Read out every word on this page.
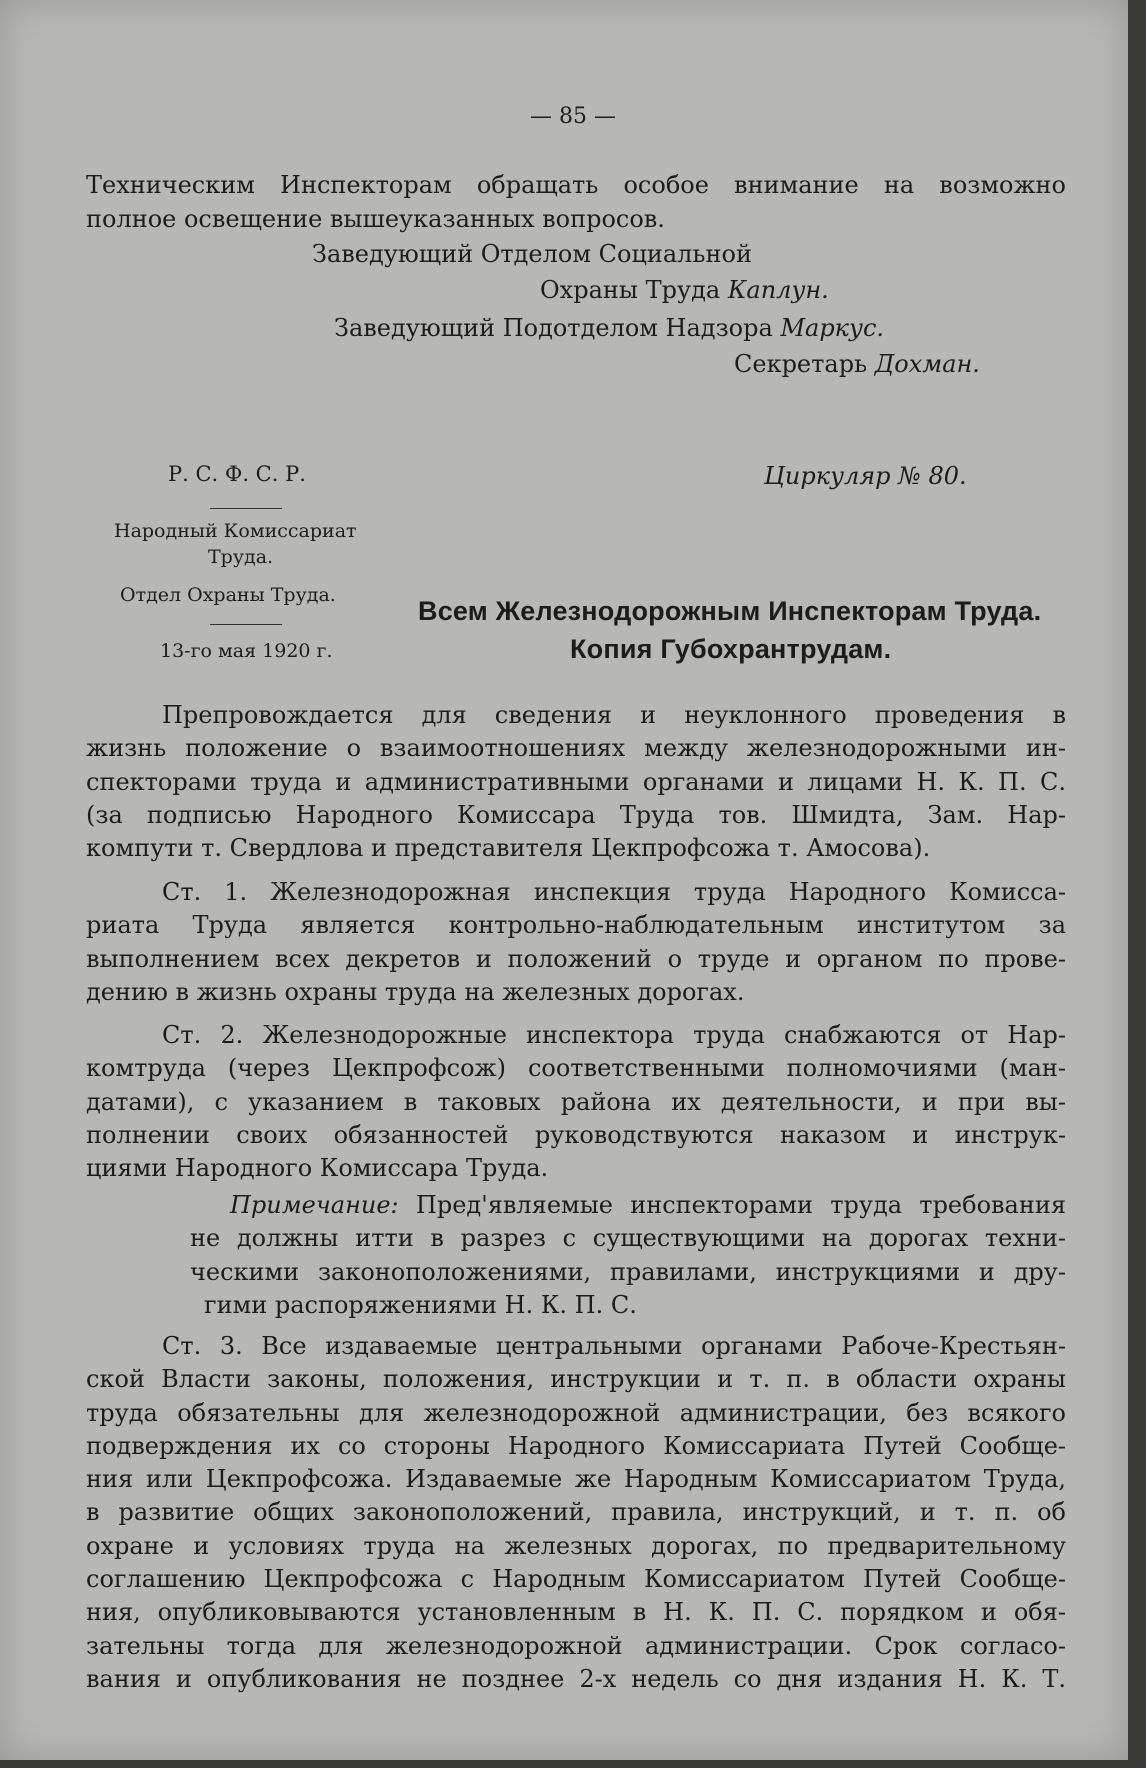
— 85 —
Техническим Инспекторам обращать особое внимание на возможно
полное освещение вышеуказанных вопросов.
Заведующий Отделом Социальной
Охраны Труда Каплун.
Заведующий Подотделом Надзора Маркус.
Секретарь Дохман.
Р. С. Ф. С. Р.
Народный Комиссариат
Труда.
Отдел Охраны Труда.
13-го мая 1920 г.
Циркуляр № 80.
Всем Железнодорожным Инспекторам Труда.
Копия Губохрантрудам.
Препровождается для сведения и неуклонного проведения в
жизнь положение о взаимоотношениях между железнодорожными ин-
спекторами труда и административными органами и лицами Н. К. П. С.
(за подписью Народного Комиссара Труда тов. Шмидта, Зам. Нар-
компути т. Свердлова и представителя Цекпрофсожа т. Амосова).
Ст. 1. Железнодорожная инспекция труда Народного Комисса-
риата Труда является контрольно-наблюдательным институтом за
выполнением всех декретов и положений о труде и органом по прове-
дению в жизнь охраны труда на железных дорогах.
Ст. 2. Железнодорожные инспектора труда снабжаются от Нар-
комтруда (через Цекпрофсож) соответственными полномочиями (ман-
датами), с указанием в таковых района их деятельности, и при вы-
полнении своих обязанностей руководствуются наказом и инструк-
циями Народного Комиссара Труда.
Примечание: Пред'являемые инспекторами труда требования
не должны итти в разрез с существующими на дорогах техни-
ческими законоположениями, правилами, инструкциями и дру-
гими распоряжениями Н. К. П. С.
Ст. 3. Все издаваемые центральными органами Рабоче-Крестьян-
ской Власти законы, положения, инструкции и т. п. в области охраны
труда обязательны для железнодорожной администрации, без всякого
подверждения их со стороны Народного Комиссариата Путей Сообще-
ния или Цекпрофсожа. Издаваемые же Народным Комиссариатом Труда,
в развитие общих законоположений, правила, инструкций, и т. п. об
охране и условиях труда на железных дорогах, по предварительному
соглашению Цекпрофсожа с Народным Комиссариатом Путей Сообще-
ния, опубликовываются установленным в Н. К. П. С. порядком и обя-
зательны тогда для железнодорожной администрации. Срок согласо-
вания и опубликования не позднее 2-х недель со дня издания Н. К. Т.
